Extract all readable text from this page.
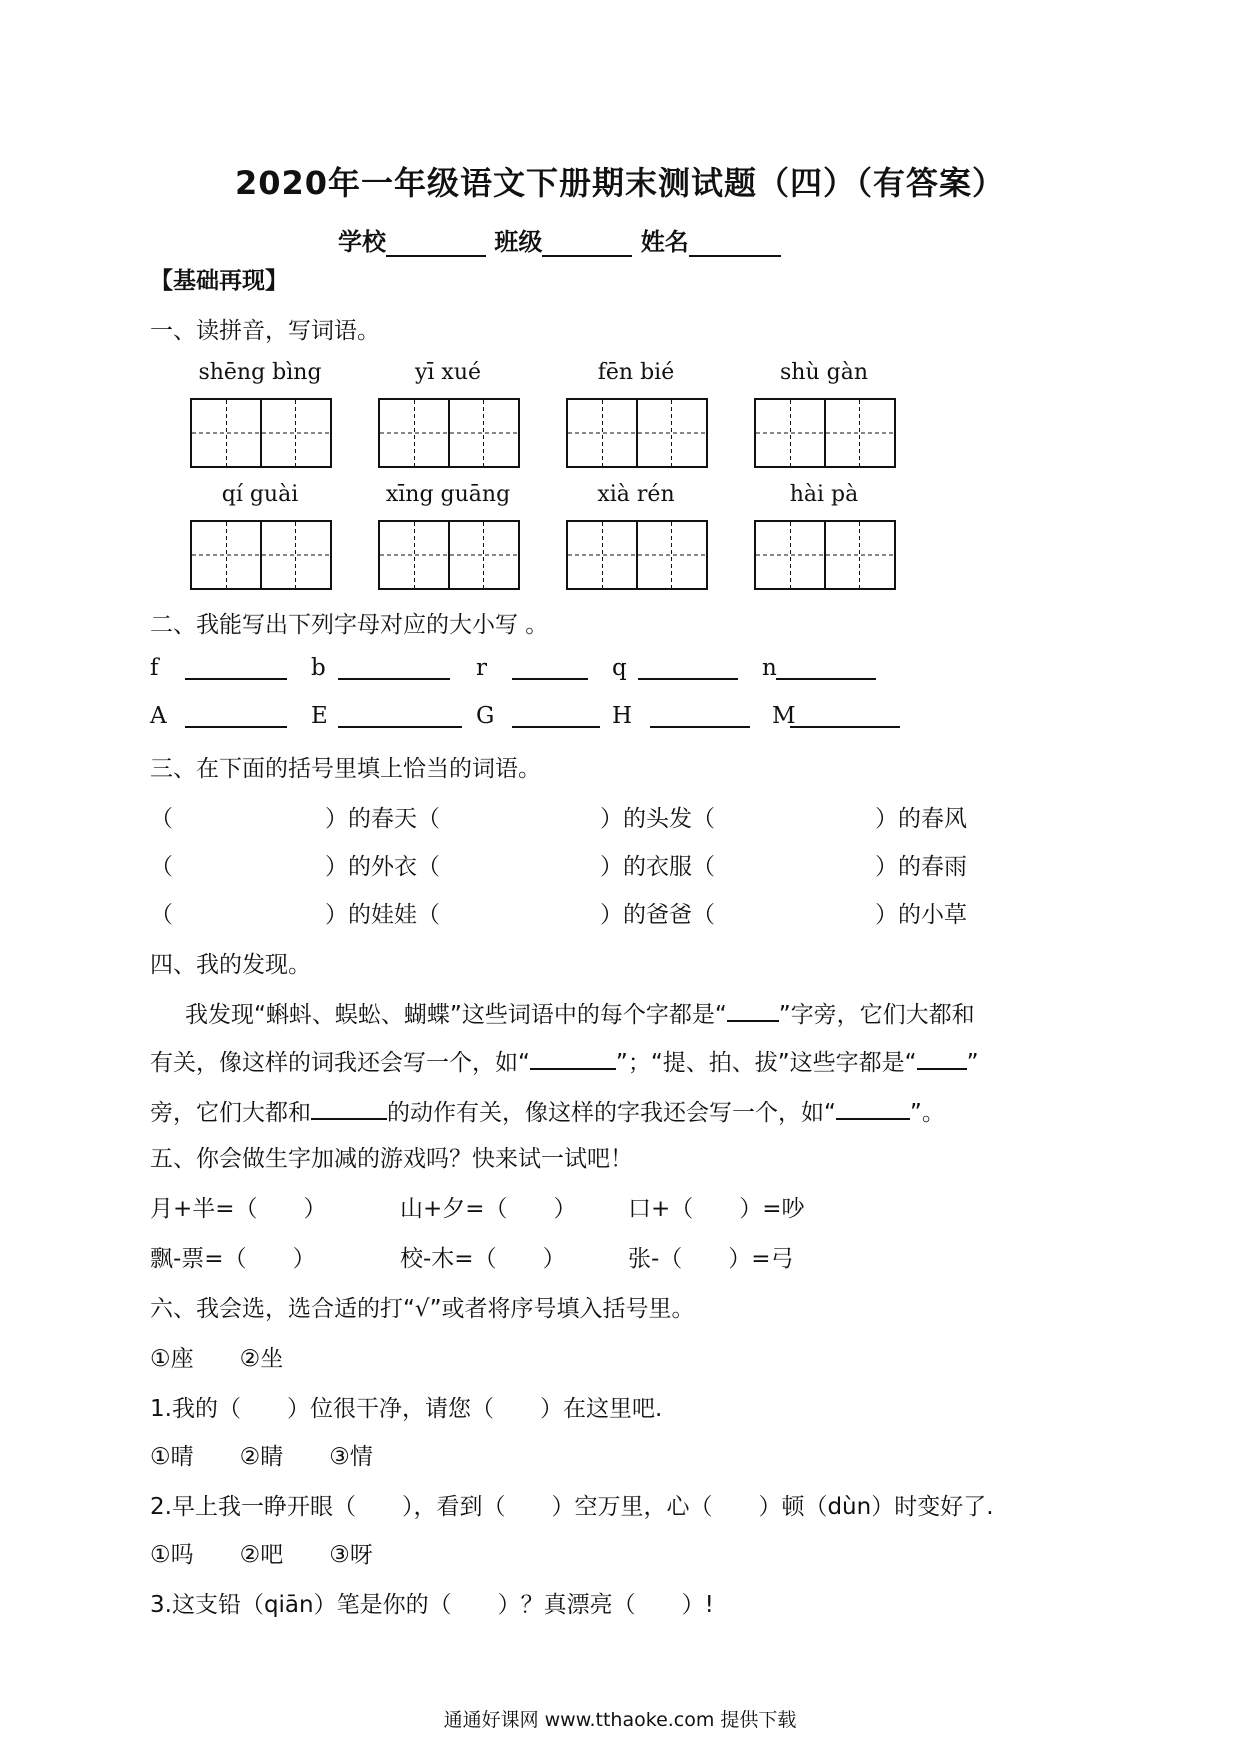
2020年一年级语文下册期末测试题（四）（有答案）
学校	班级	姓名
【基础再现】
一、读拼音，写词语。
shēng bìng	yī xué	fēn bié	shù gàn
qí guài	xīng guāng	xià rén	hài pà
二、我能写出下列字母对应的大小写 。
f	b	r	q	n
A	E	G	H	M
三、在下面的括号里填上恰当的词语。
（	）的春天（	）的头发（	）的春风
（	）的外衣（	）的衣服（	）的春雨
（	）的娃娃（	）的爸爸（	）的小草
四、我的发现。
我发现“蝌蚪、蜈蚣、蝴蝶”这些词语中的每个字都是“ ”字旁，它们大都和
有关，像这样的词我还会写一个，如“	”；“提、拍、拔”这些字都是“ ”
旁，它们大都和	的动作有关，像这样的字我还会写一个，如“	”。
五、你会做生字加减的游戏吗？快来试一试吧！
月+半=（　　）	山+夕=（　　） 口+（　　）=吵
飘-票=（　　）	校-木=（　　）	张-（　　）=弓
六、我会选，选合适的打“√”或者将序号填入括号里。
①座　　②坐
1.我的（　　）位很干净，请您（　　）在这里吧.
①晴　　②睛　　③情
2.早上我一睁开眼（　　），看到（　　）空万里，心（　　）顿（dùn）时变好了.
①吗　　②吧　　③呀
3.这支铅（qiān）笔是你的（　　）？真漂亮（　　）!
通通好课网 www.tthaoke.com 提供下载
